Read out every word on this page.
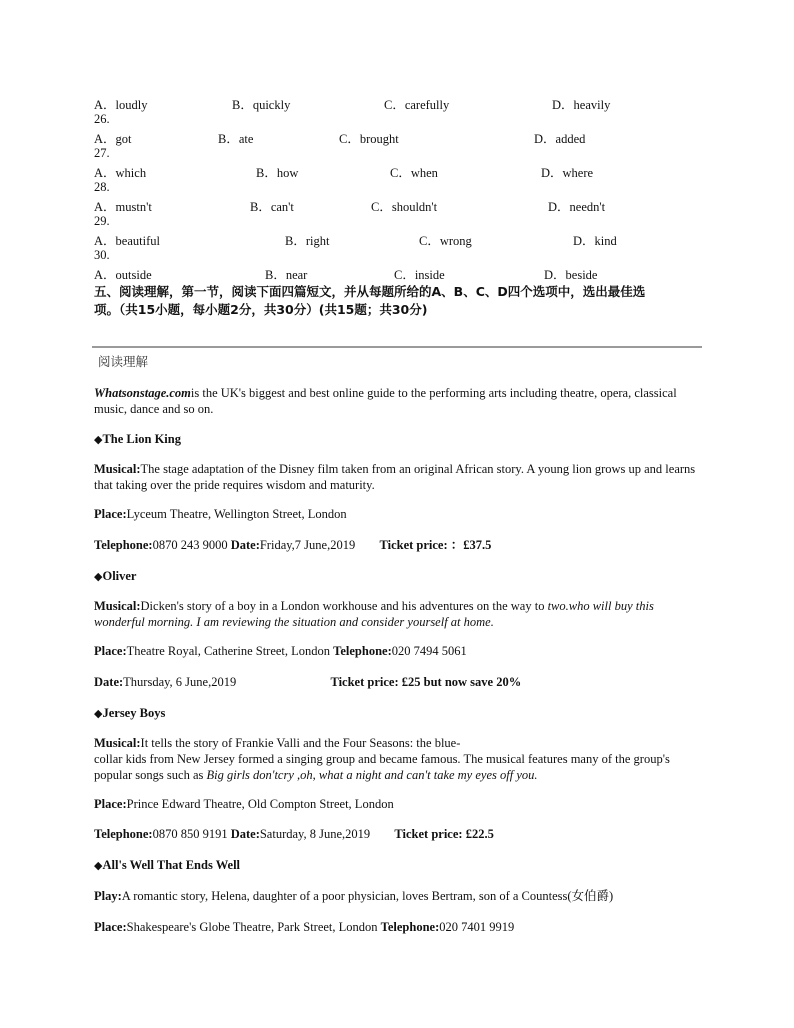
A．loudly	B．quickly	C．carefully	D．heavily
26.
A．got	B．ate	C．brought	D．added
27.
A．which	B．how	C．when	D．where
28.
A．mustn't	B．can't	C．shouldn't	D．needn't
29.
A．beautiful	B．right	C．wrong	D．kind
30.
A．outside	B．near	C．inside	D．beside
五、阅读理解，第一节，阅读下面四篇短文，并从每题所给的A、B、C、D四个选项中，选出最佳选
项。（共15小题，每小题2分，共30分）(共15题；共30分)
阅读理解
Whatsonstage.comis the UK's biggest and best online guide to the performing arts including theatre, opera, classical music, dance and so on.
◆The Lion King
Musical:The stage adaptation of the Disney film taken from an original African story. A young lion grows up and learns that taking over the pride requires wisdom and maturity.
Place:Lyceum Theatre, Wellington Street, London
Telephone:0870 243 9000 Date:Friday,7 June,2019 Ticket price: ：£37.5
◆Oliver
Musical:Dicken's story of a boy in a London workhouse and his adventures on the way to two.who will buy this wonderful morning. I am reviewing the situation and consider yourself at home.
Place:Theatre Royal, Catherine Street, London Telephone:020 7494 5061
Date:Thursday, 6 June,2019	Ticket price: £25 but now save 20%
◆Jersey Boys
Musical:It tells the story of Frankie Valli and the Four Seasons: the blue-
collar kids from New Jersey formed a singing group and became famous. The musical features many of the group's popular songs such as Big girls don'tcry ,oh, what a night and can't take my eyes off you.
Place:Prince Edward Theatre, Old Compton Street, London
Telephone:0870 850 9191 Date:Saturday, 8 June,2019 Ticket price: £22.5
◆All's Well That Ends Well
Play:A romantic story, Helena, daughter of a poor physician, loves Bertram, son of a Countess(女伯爵)
Place:Shakespeare's Globe Theatre, Park Street, London Telephone:020 7401 9919
